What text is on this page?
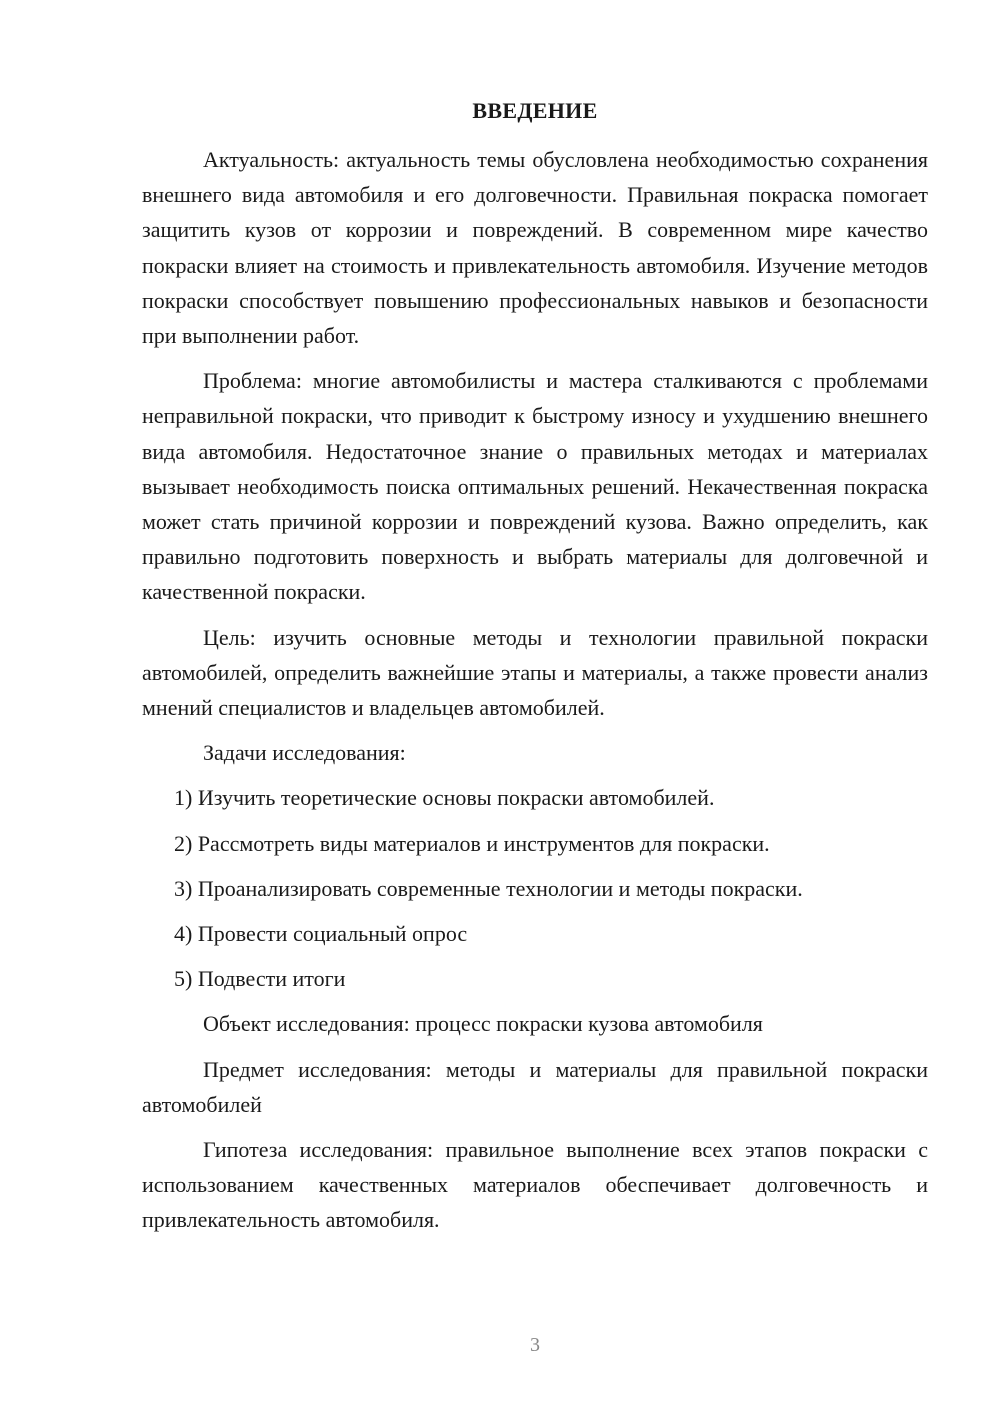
ВВЕДЕНИЕ

Актуальность: актуальность темы обусловлена необходимостью сохранения внешнего вида автомобиля и его долговечности. Правильная покраска помогает защитить кузов от коррозии и повреждений. В современном мире качество покраски влияет на стоимость и привлекательность автомобиля. Изучение методов покраски способствует повышению профессиональных навыков и безопасности при выполнении работ.

Проблема: многие автомобилисты и мастера сталкиваются с проблемами неправильной покраски, что приводит к быстрому износу и ухудшению внешнего вида автомобиля. Недостаточное знание о правильных методах и материалах вызывает необходимость поиска оптимальных решений. Некачественная покраска может стать причиной коррозии и повреждений кузова. Важно определить, как правильно подготовить поверхность и выбрать материалы для долговечной и качественной покраски.

Цель: изучить основные методы и технологии правильной покраски автомобилей, определить важнейшие этапы и материалы, а также провести анализ мнений специалистов и владельцев автомобилей.

Задачи исследования:

1) Изучить теоретические основы покраски автомобилей.
2) Рассмотреть виды материалов и инструментов для покраски.
3) Проанализировать современные технологии и методы покраски.
4) Провести социальный опрос
5) Подвести итоги

Объект исследования: процесс покраски кузова автомобиля

Предмет исследования: методы и материалы для правильной покраски автомобилей

Гипотеза исследования: правильное выполнение всех этапов покраски с использованием качественных материалов обеспечивает долговечность и привлекательность автомобиля.

3
